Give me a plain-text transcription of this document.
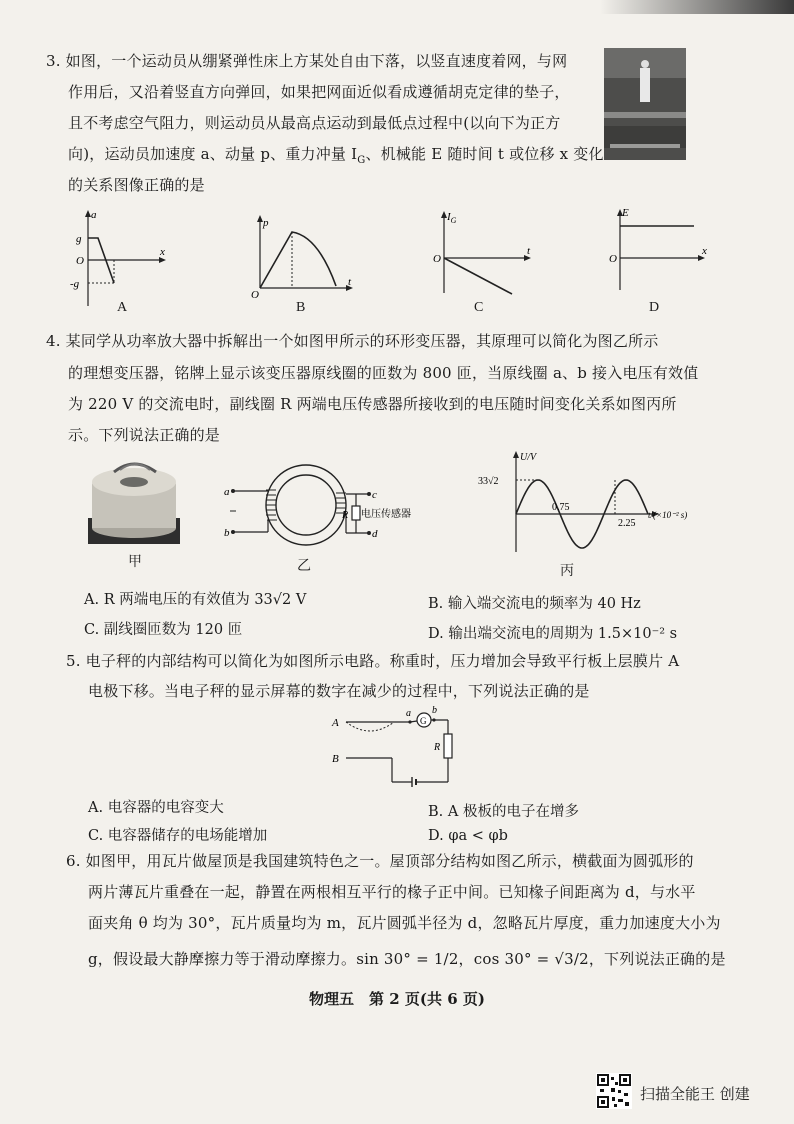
3. 如图，一个运动员从绷紧弹性床上方某处自由下落，以竖直速度着网，与网
作用后，又沿着竖直方向弹回，如果把网面近似看成遵循胡克定律的垫子，
且不考虑空气阻力，则运动员从最高点运动到最低点过程中(以向下为正方
向)，运动员加速度 a、动量 p、重力冲量 $I_G$、机械能 E 随时间 t 或位移 x 变化
的关系图像正确的是
a
x
g
O
-g
A
p
t
O
B
$I_G$
t
O
C
E
x
O
D
4. 某同学从功率放大器中拆解出一个如图甲所示的环形变压器，其原理可以简化为图乙所示
的理想变压器，铭牌上显示该变压器原线圈的匝数为 800 匝，当原线圈 a、b 接入电压有效值
为 220 V 的交流电时，副线圈 R 两端电压传感器所接收到的电压随时间变化关系如图丙所
示。下列说法正确的是
甲
a
b
c
d
R 电压传感器
乙
U/V
33√2
0.75
2.25
t/(×10⁻² s)
丙
A. R 两端电压的有效值为 33√2 V	B. 输入端交流电的频率为 40 Hz
C. 副线圈匝数为 120 匝	D. 输出端交流电的周期为 1.5×10⁻² s
5. 电子秤的内部结构可以简化为如图所示电路。称重时，压力增加会导致平行板上层膜片 A
电极下移。当电子秤的显示屏幕的数字在减少的过程中，下列说法正确的是
A
B
a b
G
R
A. 电容器的电容变大	B. A 极板的电子在增多
C. 电容器储存的电场能增加	D. φa < φb
6. 如图甲，用瓦片做屋顶是我国建筑特色之一。屋顶部分结构如图乙所示，横截面为圆弧形的
两片薄瓦片重叠在一起，静置在两根相互平行的椽子正中间。已知椽子间距离为 d，与水平
面夹角 θ 均为 30°，瓦片质量均为 m，瓦片圆弧半径为 d，忽略瓦片厚度，重力加速度大小为
g，假设最大静摩擦力等于滑动摩擦力。sin 30° = 1/2，cos 30° = √3/2，下列说法正确的是
物理五　第 2 页(共 6 页)
扫描全能王 创建
